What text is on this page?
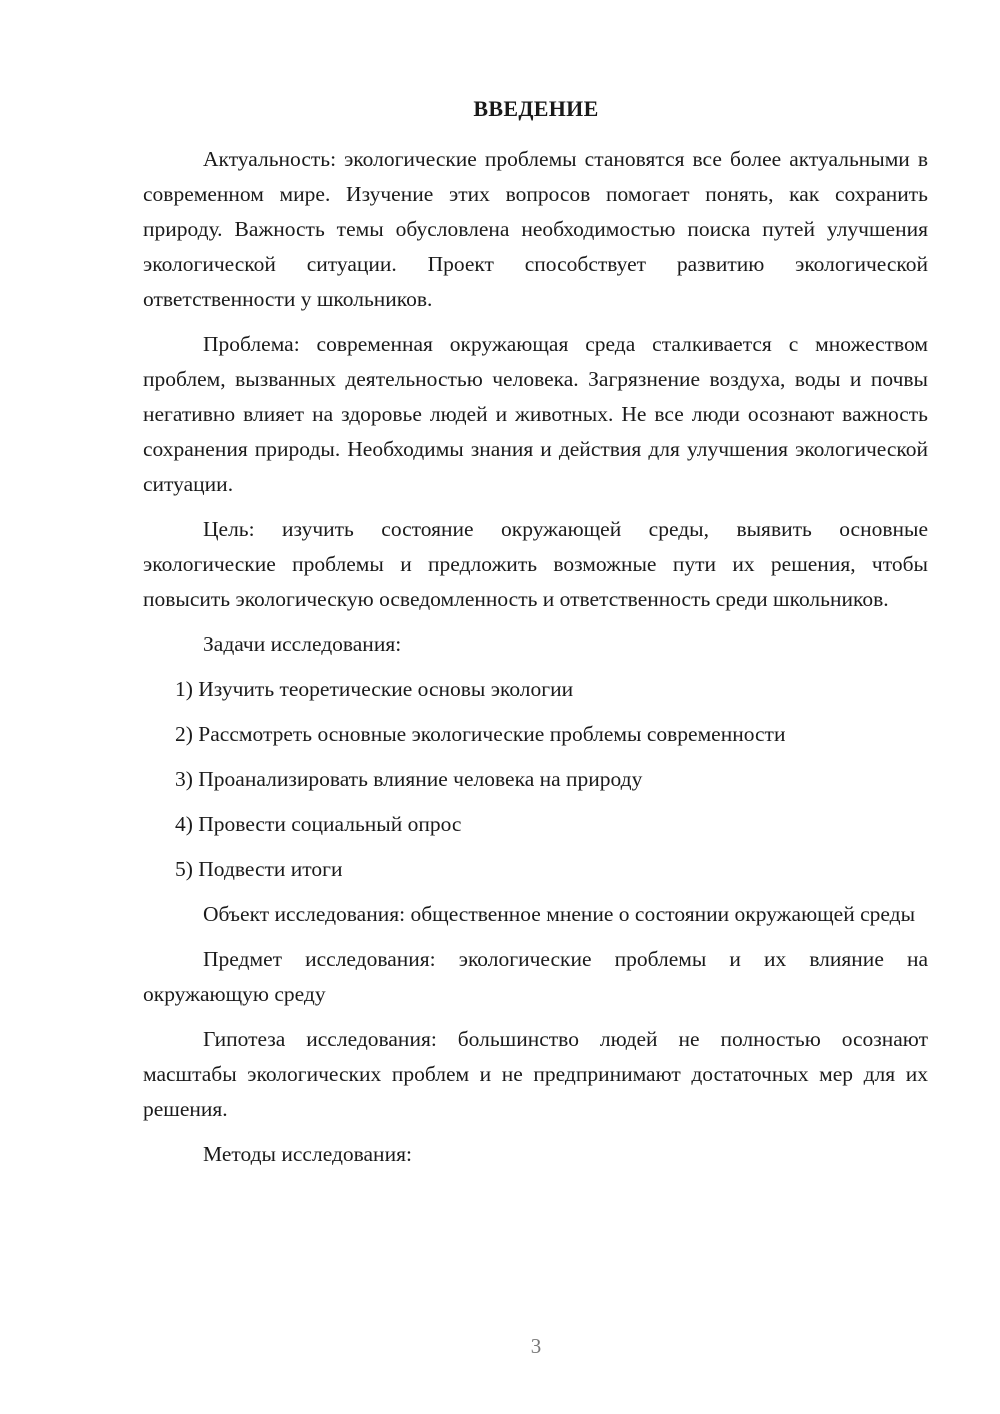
ВВЕДЕНИЕ

Актуальность: экологические проблемы становятся все более актуальными в современном мире. Изучение этих вопросов помогает понять, как сохранить природу. Важность темы обусловлена необходимостью поиска путей улучшения экологической ситуации. Проект способствует развитию экологической ответственности у школьников.

Проблема: современная окружающая среда сталкивается с множеством проблем, вызванных деятельностью человека. Загрязнение воздуха, воды и почвы негативно влияет на здоровье людей и животных. Не все люди осознают важность сохранения природы. Необходимы знания и действия для улучшения экологической ситуации.

Цель: изучить состояние окружающей среды, выявить основные экологические проблемы и предложить возможные пути их решения, чтобы повысить экологическую осведомленность и ответственность среди школьников.

Задачи исследования:

1) Изучить теоретические основы экологии
2) Рассмотреть основные экологические проблемы современности
3) Проанализировать влияние человека на природу
4) Провести социальный опрос
5) Подвести итоги

Объект исследования: общественное мнение о состоянии окружающей среды

Предмет исследования: экологические проблемы и их влияние на окружающую среду

Гипотеза исследования: большинство людей не полностью осознают масштабы экологических проблем и не предпринимают достаточных мер для их решения.

Методы исследования:

3
